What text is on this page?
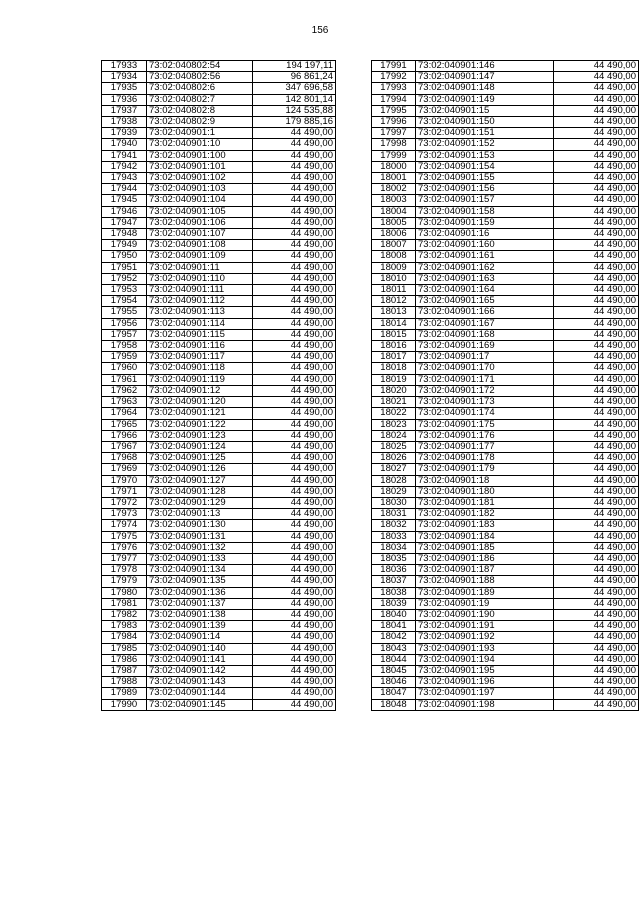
156
17933	73:02:040802:54	194 197,11
17934	73:02:040802:56	96 861,24
17935	73:02:040802:6	347 696,58
17936	73:02:040802:7	142 801,14
17937	73:02:040802:8	124 535,88
17938	73:02:040802:9	179 885,16
17939	73:02:040901:1	44 490,00
17940	73:02:040901:10	44 490,00
17941	73:02:040901:100	44 490,00
17942	73:02:040901:101	44 490,00
17943	73:02:040901:102	44 490,00
17944	73:02:040901:103	44 490,00
17945	73:02:040901:104	44 490,00
17946	73:02:040901:105	44 490,00
17947	73:02:040901:106	44 490,00
17948	73:02:040901:107	44 490,00
17949	73:02:040901:108	44 490,00
17950	73:02:040901:109	44 490,00
17951	73:02:040901:11	44 490,00
17952	73:02:040901:110	44 490,00
17953	73:02:040901:111	44 490,00
17954	73:02:040901:112	44 490,00
17955	73:02:040901:113	44 490,00
17956	73:02:040901:114	44 490,00
17957	73:02:040901:115	44 490,00
17958	73:02:040901:116	44 490,00
17959	73:02:040901:117	44 490,00
17960	73:02:040901:118	44 490,00
17961	73:02:040901:119	44 490,00
17962	73:02:040901:12	44 490,00
17963	73:02:040901:120	44 490,00
17964	73:02:040901:121	44 490,00
17965	73:02:040901:122	44 490,00
17966	73:02:040901:123	44 490,00
17967	73:02:040901:124	44 490,00
17968	73:02:040901:125	44 490,00
17969	73:02:040901:126	44 490,00
17970	73:02:040901:127	44 490,00
17971	73:02:040901:128	44 490,00
17972	73:02:040901:129	44 490,00
17973	73:02:040901:13	44 490,00
17974	73:02:040901:130	44 490,00
17975	73:02:040901:131	44 490,00
17976	73:02:040901:132	44 490,00
17977	73:02:040901:133	44 490,00
17978	73:02:040901:134	44 490,00
17979	73:02:040901:135	44 490,00
17980	73:02:040901:136	44 490,00
17981	73:02:040901:137	44 490,00
17982	73:02:040901:138	44 490,00
17983	73:02:040901:139	44 490,00
17984	73:02:040901:14	44 490,00
17985	73:02:040901:140	44 490,00
17986	73:02:040901:141	44 490,00
17987	73:02:040901:142	44 490,00
17988	73:02:040901:143	44 490,00
17989	73:02:040901:144	44 490,00
17990	73:02:040901:145	44 490,00
17991	73:02:040901:146	44 490,00
17992	73:02:040901:147	44 490,00
17993	73:02:040901:148	44 490,00
17994	73:02:040901:149	44 490,00
17995	73:02:040901:15	44 490,00
17996	73:02:040901:150	44 490,00
17997	73:02:040901:151	44 490,00
17998	73:02:040901:152	44 490,00
17999	73:02:040901:153	44 490,00
18000	73:02:040901:154	44 490,00
18001	73:02:040901:155	44 490,00
18002	73:02:040901:156	44 490,00
18003	73:02:040901:157	44 490,00
18004	73:02:040901:158	44 490,00
18005	73:02:040901:159	44 490,00
18006	73:02:040901:16	44 490,00
18007	73:02:040901:160	44 490,00
18008	73:02:040901:161	44 490,00
18009	73:02:040901:162	44 490,00
18010	73:02:040901:163	44 490,00
18011	73:02:040901:164	44 490,00
18012	73:02:040901:165	44 490,00
18013	73:02:040901:166	44 490,00
18014	73:02:040901:167	44 490,00
18015	73:02:040901:168	44 490,00
18016	73:02:040901:169	44 490,00
18017	73:02:040901:17	44 490,00
18018	73:02:040901:170	44 490,00
18019	73:02:040901:171	44 490,00
18020	73:02:040901:172	44 490,00
18021	73:02:040901:173	44 490,00
18022	73:02:040901:174	44 490,00
18023	73:02:040901:175	44 490,00
18024	73:02:040901:176	44 490,00
18025	73:02:040901:177	44 490,00
18026	73:02:040901:178	44 490,00
18027	73:02:040901:179	44 490,00
18028	73:02:040901:18	44 490,00
18029	73:02:040901:180	44 490,00
18030	73:02:040901:181	44 490,00
18031	73:02:040901:182	44 490,00
18032	73:02:040901:183	44 490,00
18033	73:02:040901:184	44 490,00
18034	73:02:040901:185	44 490,00
18035	73:02:040901:186	44 490,00
18036	73:02:040901:187	44 490,00
18037	73:02:040901:188	44 490,00
18038	73:02:040901:189	44 490,00
18039	73:02:040901:19	44 490,00
18040	73:02:040901:190	44 490,00
18041	73:02:040901:191	44 490,00
18042	73:02:040901:192	44 490,00
18043	73:02:040901:193	44 490,00
18044	73:02:040901:194	44 490,00
18045	73:02:040901:195	44 490,00
18046	73:02:040901:196	44 490,00
18047	73:02:040901:197	44 490,00
18048	73:02:040901:198	44 490,00
